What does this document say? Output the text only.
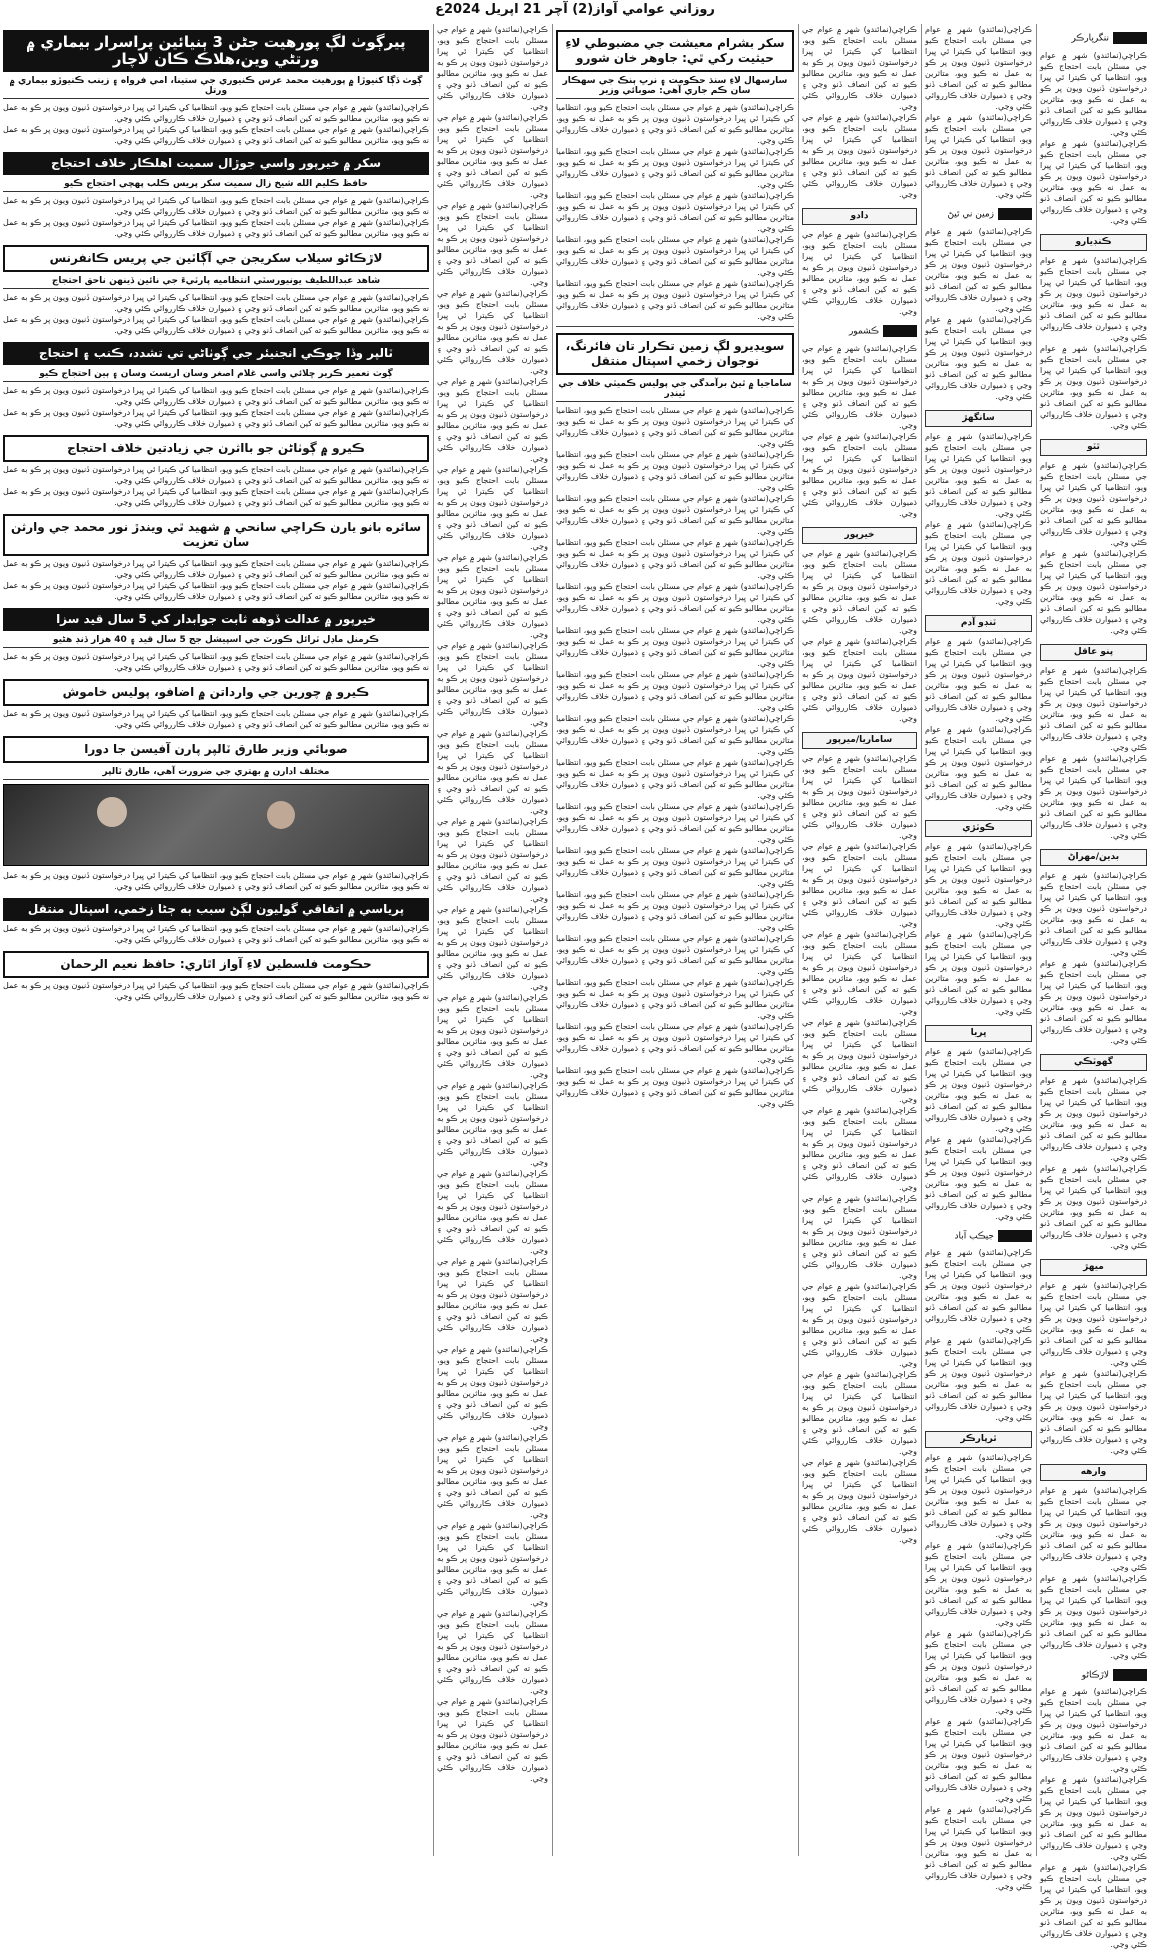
روزاني عوامي آواز(2) آچر 21 اپريل 2024ع
ننگرپارڪر
ڪراچي(نمائندو) شهر ۾ عوام جي مسئلن بابت احتجاج ڪيو ويو، انتظاميا کي ڪيترا ئي ڀيرا درخواستون ڏنيون ويون پر ڪو به عمل نه ڪيو ويو، متاثرين مطالبو ڪيو ته کين انصاف ڏنو وڃي ۽ ذميوارن خلاف ڪارروائي ڪئي وڃي.
ڪراچي(نمائندو) شهر ۾ عوام جي مسئلن بابت احتجاج ڪيو ويو، انتظاميا کي ڪيترا ئي ڀيرا درخواستون ڏنيون ويون پر ڪو به عمل نه ڪيو ويو، متاثرين مطالبو ڪيو ته کين انصاف ڏنو وڃي ۽ ذميوارن خلاف ڪارروائي ڪئي وڃي.
ڪنڊيارو
ڪراچي(نمائندو) شهر ۾ عوام جي مسئلن بابت احتجاج ڪيو ويو، انتظاميا کي ڪيترا ئي ڀيرا درخواستون ڏنيون ويون پر ڪو به عمل نه ڪيو ويو، متاثرين مطالبو ڪيو ته کين انصاف ڏنو وڃي ۽ ذميوارن خلاف ڪارروائي ڪئي وڃي.
ڪراچي(نمائندو) شهر ۾ عوام جي مسئلن بابت احتجاج ڪيو ويو، انتظاميا کي ڪيترا ئي ڀيرا درخواستون ڏنيون ويون پر ڪو به عمل نه ڪيو ويو، متاثرين مطالبو ڪيو ته کين انصاف ڏنو وڃي ۽ ذميوارن خلاف ڪارروائي ڪئي وڃي.
ٿٽو
ڪراچي(نمائندو) شهر ۾ عوام جي مسئلن بابت احتجاج ڪيو ويو، انتظاميا کي ڪيترا ئي ڀيرا درخواستون ڏنيون ويون پر ڪو به عمل نه ڪيو ويو، متاثرين مطالبو ڪيو ته کين انصاف ڏنو وڃي ۽ ذميوارن خلاف ڪارروائي ڪئي وڃي.
ڪراچي(نمائندو) شهر ۾ عوام جي مسئلن بابت احتجاج ڪيو ويو، انتظاميا کي ڪيترا ئي ڀيرا درخواستون ڏنيون ويون پر ڪو به عمل نه ڪيو ويو، متاثرين مطالبو ڪيو ته کين انصاف ڏنو وڃي ۽ ذميوارن خلاف ڪارروائي ڪئي وڃي.
پنو عاقل
ڪراچي(نمائندو) شهر ۾ عوام جي مسئلن بابت احتجاج ڪيو ويو، انتظاميا کي ڪيترا ئي ڀيرا درخواستون ڏنيون ويون پر ڪو به عمل نه ڪيو ويو، متاثرين مطالبو ڪيو ته کين انصاف ڏنو وڃي ۽ ذميوارن خلاف ڪارروائي ڪئي وڃي.
ڪراچي(نمائندو) شهر ۾ عوام جي مسئلن بابت احتجاج ڪيو ويو، انتظاميا کي ڪيترا ئي ڀيرا درخواستون ڏنيون ويون پر ڪو به عمل نه ڪيو ويو، متاثرين مطالبو ڪيو ته کين انصاف ڏنو وڃي ۽ ذميوارن خلاف ڪارروائي ڪئي وڃي.
بدين/مهراڻ
ڪراچي(نمائندو) شهر ۾ عوام جي مسئلن بابت احتجاج ڪيو ويو، انتظاميا کي ڪيترا ئي ڀيرا درخواستون ڏنيون ويون پر ڪو به عمل نه ڪيو ويو، متاثرين مطالبو ڪيو ته کين انصاف ڏنو وڃي ۽ ذميوارن خلاف ڪارروائي ڪئي وڃي.
ڪراچي(نمائندو) شهر ۾ عوام جي مسئلن بابت احتجاج ڪيو ويو، انتظاميا کي ڪيترا ئي ڀيرا درخواستون ڏنيون ويون پر ڪو به عمل نه ڪيو ويو، متاثرين مطالبو ڪيو ته کين انصاف ڏنو وڃي ۽ ذميوارن خلاف ڪارروائي ڪئي وڃي.
گهوٽڪي
ڪراچي(نمائندو) شهر ۾ عوام جي مسئلن بابت احتجاج ڪيو ويو، انتظاميا کي ڪيترا ئي ڀيرا درخواستون ڏنيون ويون پر ڪو به عمل نه ڪيو ويو، متاثرين مطالبو ڪيو ته کين انصاف ڏنو وڃي ۽ ذميوارن خلاف ڪارروائي ڪئي وڃي.
ڪراچي(نمائندو) شهر ۾ عوام جي مسئلن بابت احتجاج ڪيو ويو، انتظاميا کي ڪيترا ئي ڀيرا درخواستون ڏنيون ويون پر ڪو به عمل نه ڪيو ويو، متاثرين مطالبو ڪيو ته کين انصاف ڏنو وڃي ۽ ذميوارن خلاف ڪارروائي ڪئي وڃي.
ميهڙ
ڪراچي(نمائندو) شهر ۾ عوام جي مسئلن بابت احتجاج ڪيو ويو، انتظاميا کي ڪيترا ئي ڀيرا درخواستون ڏنيون ويون پر ڪو به عمل نه ڪيو ويو، متاثرين مطالبو ڪيو ته کين انصاف ڏنو وڃي ۽ ذميوارن خلاف ڪارروائي ڪئي وڃي.
ڪراچي(نمائندو) شهر ۾ عوام جي مسئلن بابت احتجاج ڪيو ويو، انتظاميا کي ڪيترا ئي ڀيرا درخواستون ڏنيون ويون پر ڪو به عمل نه ڪيو ويو، متاثرين مطالبو ڪيو ته کين انصاف ڏنو وڃي ۽ ذميوارن خلاف ڪارروائي ڪئي وڃي.
وارهه
ڪراچي(نمائندو) شهر ۾ عوام جي مسئلن بابت احتجاج ڪيو ويو، انتظاميا کي ڪيترا ئي ڀيرا درخواستون ڏنيون ويون پر ڪو به عمل نه ڪيو ويو، متاثرين مطالبو ڪيو ته کين انصاف ڏنو وڃي ۽ ذميوارن خلاف ڪارروائي ڪئي وڃي.
ڪراچي(نمائندو) شهر ۾ عوام جي مسئلن بابت احتجاج ڪيو ويو، انتظاميا کي ڪيترا ئي ڀيرا درخواستون ڏنيون ويون پر ڪو به عمل نه ڪيو ويو، متاثرين مطالبو ڪيو ته کين انصاف ڏنو وڃي ۽ ذميوارن خلاف ڪارروائي ڪئي وڃي.
لاڙڪاڻو
ڪراچي(نمائندو) شهر ۾ عوام جي مسئلن بابت احتجاج ڪيو ويو، انتظاميا کي ڪيترا ئي ڀيرا درخواستون ڏنيون ويون پر ڪو به عمل نه ڪيو ويو، متاثرين مطالبو ڪيو ته کين انصاف ڏنو وڃي ۽ ذميوارن خلاف ڪارروائي ڪئي وڃي.
ڪراچي(نمائندو) شهر ۾ عوام جي مسئلن بابت احتجاج ڪيو ويو، انتظاميا کي ڪيترا ئي ڀيرا درخواستون ڏنيون ويون پر ڪو به عمل نه ڪيو ويو، متاثرين مطالبو ڪيو ته کين انصاف ڏنو وڃي ۽ ذميوارن خلاف ڪارروائي ڪئي وڃي.
ڪراچي(نمائندو) شهر ۾ عوام جي مسئلن بابت احتجاج ڪيو ويو، انتظاميا کي ڪيترا ئي ڀيرا درخواستون ڏنيون ويون پر ڪو به عمل نه ڪيو ويو، متاثرين مطالبو ڪيو ته کين انصاف ڏنو وڃي ۽ ذميوارن خلاف ڪارروائي ڪئي وڃي.
ڪراچي(نمائندو) شهر ۾ عوام جي مسئلن بابت احتجاج ڪيو ويو، انتظاميا کي ڪيترا ئي ڀيرا درخواستون ڏنيون ويون پر ڪو به عمل نه ڪيو ويو، متاثرين مطالبو ڪيو ته کين انصاف ڏنو وڃي ۽ ذميوارن خلاف ڪارروائي ڪئي وڃي.
ڪراچي(نمائندو) شهر ۾ عوام جي مسئلن بابت احتجاج ڪيو ويو، انتظاميا کي ڪيترا ئي ڀيرا درخواستون ڏنيون ويون پر ڪو به عمل نه ڪيو ويو، متاثرين مطالبو ڪيو ته کين انصاف ڏنو وڃي ۽ ذميوارن خلاف ڪارروائي ڪئي وڃي.
زمين ني ٿيڻ
ڪراچي(نمائندو) شهر ۾ عوام جي مسئلن بابت احتجاج ڪيو ويو، انتظاميا کي ڪيترا ئي ڀيرا درخواستون ڏنيون ويون پر ڪو به عمل نه ڪيو ويو، متاثرين مطالبو ڪيو ته کين انصاف ڏنو وڃي ۽ ذميوارن خلاف ڪارروائي ڪئي وڃي.
ڪراچي(نمائندو) شهر ۾ عوام جي مسئلن بابت احتجاج ڪيو ويو، انتظاميا کي ڪيترا ئي ڀيرا درخواستون ڏنيون ويون پر ڪو به عمل نه ڪيو ويو، متاثرين مطالبو ڪيو ته کين انصاف ڏنو وڃي ۽ ذميوارن خلاف ڪارروائي ڪئي وڃي.
سانگھڙ
ڪراچي(نمائندو) شهر ۾ عوام جي مسئلن بابت احتجاج ڪيو ويو، انتظاميا کي ڪيترا ئي ڀيرا درخواستون ڏنيون ويون پر ڪو به عمل نه ڪيو ويو، متاثرين مطالبو ڪيو ته کين انصاف ڏنو وڃي ۽ ذميوارن خلاف ڪارروائي ڪئي وڃي.
ڪراچي(نمائندو) شهر ۾ عوام جي مسئلن بابت احتجاج ڪيو ويو، انتظاميا کي ڪيترا ئي ڀيرا درخواستون ڏنيون ويون پر ڪو به عمل نه ڪيو ويو، متاثرين مطالبو ڪيو ته کين انصاف ڏنو وڃي ۽ ذميوارن خلاف ڪارروائي ڪئي وڃي.
ٽنڊو آدم
ڪراچي(نمائندو) شهر ۾ عوام جي مسئلن بابت احتجاج ڪيو ويو، انتظاميا کي ڪيترا ئي ڀيرا درخواستون ڏنيون ويون پر ڪو به عمل نه ڪيو ويو، متاثرين مطالبو ڪيو ته کين انصاف ڏنو وڃي ۽ ذميوارن خلاف ڪارروائي ڪئي وڃي.
ڪراچي(نمائندو) شهر ۾ عوام جي مسئلن بابت احتجاج ڪيو ويو، انتظاميا کي ڪيترا ئي ڀيرا درخواستون ڏنيون ويون پر ڪو به عمل نه ڪيو ويو، متاثرين مطالبو ڪيو ته کين انصاف ڏنو وڃي ۽ ذميوارن خلاف ڪارروائي ڪئي وڃي.
ڪوٽڙي
ڪراچي(نمائندو) شهر ۾ عوام جي مسئلن بابت احتجاج ڪيو ويو، انتظاميا کي ڪيترا ئي ڀيرا درخواستون ڏنيون ويون پر ڪو به عمل نه ڪيو ويو، متاثرين مطالبو ڪيو ته کين انصاف ڏنو وڃي ۽ ذميوارن خلاف ڪارروائي ڪئي وڃي.
ڪراچي(نمائندو) شهر ۾ عوام جي مسئلن بابت احتجاج ڪيو ويو، انتظاميا کي ڪيترا ئي ڀيرا درخواستون ڏنيون ويون پر ڪو به عمل نه ڪيو ويو، متاثرين مطالبو ڪيو ته کين انصاف ڏنو وڃي ۽ ذميوارن خلاف ڪارروائي ڪئي وڃي.
ڀريا
ڪراچي(نمائندو) شهر ۾ عوام جي مسئلن بابت احتجاج ڪيو ويو، انتظاميا کي ڪيترا ئي ڀيرا درخواستون ڏنيون ويون پر ڪو به عمل نه ڪيو ويو، متاثرين مطالبو ڪيو ته کين انصاف ڏنو وڃي ۽ ذميوارن خلاف ڪارروائي ڪئي وڃي.
ڪراچي(نمائندو) شهر ۾ عوام جي مسئلن بابت احتجاج ڪيو ويو، انتظاميا کي ڪيترا ئي ڀيرا درخواستون ڏنيون ويون پر ڪو به عمل نه ڪيو ويو، متاثرين مطالبو ڪيو ته کين انصاف ڏنو وڃي ۽ ذميوارن خلاف ڪارروائي ڪئي وڃي.
جيڪب آباد
ڪراچي(نمائندو) شهر ۾ عوام جي مسئلن بابت احتجاج ڪيو ويو، انتظاميا کي ڪيترا ئي ڀيرا درخواستون ڏنيون ويون پر ڪو به عمل نه ڪيو ويو، متاثرين مطالبو ڪيو ته کين انصاف ڏنو وڃي ۽ ذميوارن خلاف ڪارروائي ڪئي وڃي.
ڪراچي(نمائندو) شهر ۾ عوام جي مسئلن بابت احتجاج ڪيو ويو، انتظاميا کي ڪيترا ئي ڀيرا درخواستون ڏنيون ويون پر ڪو به عمل نه ڪيو ويو، متاثرين مطالبو ڪيو ته کين انصاف ڏنو وڃي ۽ ذميوارن خلاف ڪارروائي ڪئي وڃي.
ٿرپارڪر
ڪراچي(نمائندو) شهر ۾ عوام جي مسئلن بابت احتجاج ڪيو ويو، انتظاميا کي ڪيترا ئي ڀيرا درخواستون ڏنيون ويون پر ڪو به عمل نه ڪيو ويو، متاثرين مطالبو ڪيو ته کين انصاف ڏنو وڃي ۽ ذميوارن خلاف ڪارروائي ڪئي وڃي.
ڪراچي(نمائندو) شهر ۾ عوام جي مسئلن بابت احتجاج ڪيو ويو، انتظاميا کي ڪيترا ئي ڀيرا درخواستون ڏنيون ويون پر ڪو به عمل نه ڪيو ويو، متاثرين مطالبو ڪيو ته کين انصاف ڏنو وڃي ۽ ذميوارن خلاف ڪارروائي ڪئي وڃي.
ڪراچي(نمائندو) شهر ۾ عوام جي مسئلن بابت احتجاج ڪيو ويو، انتظاميا کي ڪيترا ئي ڀيرا درخواستون ڏنيون ويون پر ڪو به عمل نه ڪيو ويو، متاثرين مطالبو ڪيو ته کين انصاف ڏنو وڃي ۽ ذميوارن خلاف ڪارروائي ڪئي وڃي.
ڪراچي(نمائندو) شهر ۾ عوام جي مسئلن بابت احتجاج ڪيو ويو، انتظاميا کي ڪيترا ئي ڀيرا درخواستون ڏنيون ويون پر ڪو به عمل نه ڪيو ويو، متاثرين مطالبو ڪيو ته کين انصاف ڏنو وڃي ۽ ذميوارن خلاف ڪارروائي ڪئي وڃي.
ڪراچي(نمائندو) شهر ۾ عوام جي مسئلن بابت احتجاج ڪيو ويو، انتظاميا کي ڪيترا ئي ڀيرا درخواستون ڏنيون ويون پر ڪو به عمل نه ڪيو ويو، متاثرين مطالبو ڪيو ته کين انصاف ڏنو وڃي ۽ ذميوارن خلاف ڪارروائي ڪئي وڃي.
ڪراچي(نمائندو) شهر ۾ عوام جي مسئلن بابت احتجاج ڪيو ويو، انتظاميا کي ڪيترا ئي ڀيرا درخواستون ڏنيون ويون پر ڪو به عمل نه ڪيو ويو، متاثرين مطالبو ڪيو ته کين انصاف ڏنو وڃي ۽ ذميوارن خلاف ڪارروائي ڪئي وڃي.
ڪراچي(نمائندو) شهر ۾ عوام جي مسئلن بابت احتجاج ڪيو ويو، انتظاميا کي ڪيترا ئي ڀيرا درخواستون ڏنيون ويون پر ڪو به عمل نه ڪيو ويو، متاثرين مطالبو ڪيو ته کين انصاف ڏنو وڃي ۽ ذميوارن خلاف ڪارروائي ڪئي وڃي.
دادو
ڪراچي(نمائندو) شهر ۾ عوام جي مسئلن بابت احتجاج ڪيو ويو، انتظاميا کي ڪيترا ئي ڀيرا درخواستون ڏنيون ويون پر ڪو به عمل نه ڪيو ويو، متاثرين مطالبو ڪيو ته کين انصاف ڏنو وڃي ۽ ذميوارن خلاف ڪارروائي ڪئي وڃي.
ڪشمور
ڪراچي(نمائندو) شهر ۾ عوام جي مسئلن بابت احتجاج ڪيو ويو، انتظاميا کي ڪيترا ئي ڀيرا درخواستون ڏنيون ويون پر ڪو به عمل نه ڪيو ويو، متاثرين مطالبو ڪيو ته کين انصاف ڏنو وڃي ۽ ذميوارن خلاف ڪارروائي ڪئي وڃي.
ڪراچي(نمائندو) شهر ۾ عوام جي مسئلن بابت احتجاج ڪيو ويو، انتظاميا کي ڪيترا ئي ڀيرا درخواستون ڏنيون ويون پر ڪو به عمل نه ڪيو ويو، متاثرين مطالبو ڪيو ته کين انصاف ڏنو وڃي ۽ ذميوارن خلاف ڪارروائي ڪئي وڃي.
خيرپور
ڪراچي(نمائندو) شهر ۾ عوام جي مسئلن بابت احتجاج ڪيو ويو، انتظاميا کي ڪيترا ئي ڀيرا درخواستون ڏنيون ويون پر ڪو به عمل نه ڪيو ويو، متاثرين مطالبو ڪيو ته کين انصاف ڏنو وڃي ۽ ذميوارن خلاف ڪارروائي ڪئي وڃي.
ڪراچي(نمائندو) شهر ۾ عوام جي مسئلن بابت احتجاج ڪيو ويو، انتظاميا کي ڪيترا ئي ڀيرا درخواستون ڏنيون ويون پر ڪو به عمل نه ڪيو ويو، متاثرين مطالبو ڪيو ته کين انصاف ڏنو وڃي ۽ ذميوارن خلاف ڪارروائي ڪئي وڃي.
ساماريا/ميرپور
ڪراچي(نمائندو) شهر ۾ عوام جي مسئلن بابت احتجاج ڪيو ويو، انتظاميا کي ڪيترا ئي ڀيرا درخواستون ڏنيون ويون پر ڪو به عمل نه ڪيو ويو، متاثرين مطالبو ڪيو ته کين انصاف ڏنو وڃي ۽ ذميوارن خلاف ڪارروائي ڪئي وڃي.
ڪراچي(نمائندو) شهر ۾ عوام جي مسئلن بابت احتجاج ڪيو ويو، انتظاميا کي ڪيترا ئي ڀيرا درخواستون ڏنيون ويون پر ڪو به عمل نه ڪيو ويو، متاثرين مطالبو ڪيو ته کين انصاف ڏنو وڃي ۽ ذميوارن خلاف ڪارروائي ڪئي وڃي.
ڪراچي(نمائندو) شهر ۾ عوام جي مسئلن بابت احتجاج ڪيو ويو، انتظاميا کي ڪيترا ئي ڀيرا درخواستون ڏنيون ويون پر ڪو به عمل نه ڪيو ويو، متاثرين مطالبو ڪيو ته کين انصاف ڏنو وڃي ۽ ذميوارن خلاف ڪارروائي ڪئي وڃي.
ڪراچي(نمائندو) شهر ۾ عوام جي مسئلن بابت احتجاج ڪيو ويو، انتظاميا کي ڪيترا ئي ڀيرا درخواستون ڏنيون ويون پر ڪو به عمل نه ڪيو ويو، متاثرين مطالبو ڪيو ته کين انصاف ڏنو وڃي ۽ ذميوارن خلاف ڪارروائي ڪئي وڃي.
ڪراچي(نمائندو) شهر ۾ عوام جي مسئلن بابت احتجاج ڪيو ويو، انتظاميا کي ڪيترا ئي ڀيرا درخواستون ڏنيون ويون پر ڪو به عمل نه ڪيو ويو، متاثرين مطالبو ڪيو ته کين انصاف ڏنو وڃي ۽ ذميوارن خلاف ڪارروائي ڪئي وڃي.
ڪراچي(نمائندو) شهر ۾ عوام جي مسئلن بابت احتجاج ڪيو ويو، انتظاميا کي ڪيترا ئي ڀيرا درخواستون ڏنيون ويون پر ڪو به عمل نه ڪيو ويو، متاثرين مطالبو ڪيو ته کين انصاف ڏنو وڃي ۽ ذميوارن خلاف ڪارروائي ڪئي وڃي.
ڪراچي(نمائندو) شهر ۾ عوام جي مسئلن بابت احتجاج ڪيو ويو، انتظاميا کي ڪيترا ئي ڀيرا درخواستون ڏنيون ويون پر ڪو به عمل نه ڪيو ويو، متاثرين مطالبو ڪيو ته کين انصاف ڏنو وڃي ۽ ذميوارن خلاف ڪارروائي ڪئي وڃي.
ڪراچي(نمائندو) شهر ۾ عوام جي مسئلن بابت احتجاج ڪيو ويو، انتظاميا کي ڪيترا ئي ڀيرا درخواستون ڏنيون ويون پر ڪو به عمل نه ڪيو ويو، متاثرين مطالبو ڪيو ته کين انصاف ڏنو وڃي ۽ ذميوارن خلاف ڪارروائي ڪئي وڃي.
ڪراچي(نمائندو) شهر ۾ عوام جي مسئلن بابت احتجاج ڪيو ويو، انتظاميا کي ڪيترا ئي ڀيرا درخواستون ڏنيون ويون پر ڪو به عمل نه ڪيو ويو، متاثرين مطالبو ڪيو ته کين انصاف ڏنو وڃي ۽ ذميوارن خلاف ڪارروائي ڪئي وڃي.
سکر بشرام معيشت جي مضبوطي لاءِ حيثيت رکي ٿي: جاوهر خان شورو
سارسهال لاءِ سنڌ حڪومت ۽ نرڀ ٻنڪ جي سهڪار سان ڪم جاري آهي: صوبائي وزير
ڪراچي(نمائندو) شهر ۾ عوام جي مسئلن بابت احتجاج ڪيو ويو، انتظاميا کي ڪيترا ئي ڀيرا درخواستون ڏنيون ويون پر ڪو به عمل نه ڪيو ويو، متاثرين مطالبو ڪيو ته کين انصاف ڏنو وڃي ۽ ذميوارن خلاف ڪارروائي ڪئي وڃي.
ڪراچي(نمائندو) شهر ۾ عوام جي مسئلن بابت احتجاج ڪيو ويو، انتظاميا کي ڪيترا ئي ڀيرا درخواستون ڏنيون ويون پر ڪو به عمل نه ڪيو ويو، متاثرين مطالبو ڪيو ته کين انصاف ڏنو وڃي ۽ ذميوارن خلاف ڪارروائي ڪئي وڃي.
ڪراچي(نمائندو) شهر ۾ عوام جي مسئلن بابت احتجاج ڪيو ويو، انتظاميا کي ڪيترا ئي ڀيرا درخواستون ڏنيون ويون پر ڪو به عمل نه ڪيو ويو، متاثرين مطالبو ڪيو ته کين انصاف ڏنو وڃي ۽ ذميوارن خلاف ڪارروائي ڪئي وڃي.
ڪراچي(نمائندو) شهر ۾ عوام جي مسئلن بابت احتجاج ڪيو ويو، انتظاميا کي ڪيترا ئي ڀيرا درخواستون ڏنيون ويون پر ڪو به عمل نه ڪيو ويو، متاثرين مطالبو ڪيو ته کين انصاف ڏنو وڃي ۽ ذميوارن خلاف ڪارروائي ڪئي وڃي.
ڪراچي(نمائندو) شهر ۾ عوام جي مسئلن بابت احتجاج ڪيو ويو، انتظاميا کي ڪيترا ئي ڀيرا درخواستون ڏنيون ويون پر ڪو به عمل نه ڪيو ويو، متاثرين مطالبو ڪيو ته کين انصاف ڏنو وڃي ۽ ذميوارن خلاف ڪارروائي ڪئي وڃي.
سويڊيرو لڳ زمين تڪرار تان فائرنگ، نوجوان زخمي اسپتال منتقل
ساماجيا ۾ ٿيڻ برآمدگي جي پوليس ڪميٽي خلاف جي ٿينڊر
ڪراچي(نمائندو) شهر ۾ عوام جي مسئلن بابت احتجاج ڪيو ويو، انتظاميا کي ڪيترا ئي ڀيرا درخواستون ڏنيون ويون پر ڪو به عمل نه ڪيو ويو، متاثرين مطالبو ڪيو ته کين انصاف ڏنو وڃي ۽ ذميوارن خلاف ڪارروائي ڪئي وڃي.
ڪراچي(نمائندو) شهر ۾ عوام جي مسئلن بابت احتجاج ڪيو ويو، انتظاميا کي ڪيترا ئي ڀيرا درخواستون ڏنيون ويون پر ڪو به عمل نه ڪيو ويو، متاثرين مطالبو ڪيو ته کين انصاف ڏنو وڃي ۽ ذميوارن خلاف ڪارروائي ڪئي وڃي.
ڪراچي(نمائندو) شهر ۾ عوام جي مسئلن بابت احتجاج ڪيو ويو، انتظاميا کي ڪيترا ئي ڀيرا درخواستون ڏنيون ويون پر ڪو به عمل نه ڪيو ويو، متاثرين مطالبو ڪيو ته کين انصاف ڏنو وڃي ۽ ذميوارن خلاف ڪارروائي ڪئي وڃي.
ڪراچي(نمائندو) شهر ۾ عوام جي مسئلن بابت احتجاج ڪيو ويو، انتظاميا کي ڪيترا ئي ڀيرا درخواستون ڏنيون ويون پر ڪو به عمل نه ڪيو ويو، متاثرين مطالبو ڪيو ته کين انصاف ڏنو وڃي ۽ ذميوارن خلاف ڪارروائي ڪئي وڃي.
ڪراچي(نمائندو) شهر ۾ عوام جي مسئلن بابت احتجاج ڪيو ويو، انتظاميا کي ڪيترا ئي ڀيرا درخواستون ڏنيون ويون پر ڪو به عمل نه ڪيو ويو، متاثرين مطالبو ڪيو ته کين انصاف ڏنو وڃي ۽ ذميوارن خلاف ڪارروائي ڪئي وڃي.
ڪراچي(نمائندو) شهر ۾ عوام جي مسئلن بابت احتجاج ڪيو ويو، انتظاميا کي ڪيترا ئي ڀيرا درخواستون ڏنيون ويون پر ڪو به عمل نه ڪيو ويو، متاثرين مطالبو ڪيو ته کين انصاف ڏنو وڃي ۽ ذميوارن خلاف ڪارروائي ڪئي وڃي.
ڪراچي(نمائندو) شهر ۾ عوام جي مسئلن بابت احتجاج ڪيو ويو، انتظاميا کي ڪيترا ئي ڀيرا درخواستون ڏنيون ويون پر ڪو به عمل نه ڪيو ويو، متاثرين مطالبو ڪيو ته کين انصاف ڏنو وڃي ۽ ذميوارن خلاف ڪارروائي ڪئي وڃي.
ڪراچي(نمائندو) شهر ۾ عوام جي مسئلن بابت احتجاج ڪيو ويو، انتظاميا کي ڪيترا ئي ڀيرا درخواستون ڏنيون ويون پر ڪو به عمل نه ڪيو ويو، متاثرين مطالبو ڪيو ته کين انصاف ڏنو وڃي ۽ ذميوارن خلاف ڪارروائي ڪئي وڃي.
ڪراچي(نمائندو) شهر ۾ عوام جي مسئلن بابت احتجاج ڪيو ويو، انتظاميا کي ڪيترا ئي ڀيرا درخواستون ڏنيون ويون پر ڪو به عمل نه ڪيو ويو، متاثرين مطالبو ڪيو ته کين انصاف ڏنو وڃي ۽ ذميوارن خلاف ڪارروائي ڪئي وڃي.
ڪراچي(نمائندو) شهر ۾ عوام جي مسئلن بابت احتجاج ڪيو ويو، انتظاميا کي ڪيترا ئي ڀيرا درخواستون ڏنيون ويون پر ڪو به عمل نه ڪيو ويو، متاثرين مطالبو ڪيو ته کين انصاف ڏنو وڃي ۽ ذميوارن خلاف ڪارروائي ڪئي وڃي.
ڪراچي(نمائندو) شهر ۾ عوام جي مسئلن بابت احتجاج ڪيو ويو، انتظاميا کي ڪيترا ئي ڀيرا درخواستون ڏنيون ويون پر ڪو به عمل نه ڪيو ويو، متاثرين مطالبو ڪيو ته کين انصاف ڏنو وڃي ۽ ذميوارن خلاف ڪارروائي ڪئي وڃي.
ڪراچي(نمائندو) شهر ۾ عوام جي مسئلن بابت احتجاج ڪيو ويو، انتظاميا کي ڪيترا ئي ڀيرا درخواستون ڏنيون ويون پر ڪو به عمل نه ڪيو ويو، متاثرين مطالبو ڪيو ته کين انصاف ڏنو وڃي ۽ ذميوارن خلاف ڪارروائي ڪئي وڃي.
ڪراچي(نمائندو) شهر ۾ عوام جي مسئلن بابت احتجاج ڪيو ويو، انتظاميا کي ڪيترا ئي ڀيرا درخواستون ڏنيون ويون پر ڪو به عمل نه ڪيو ويو، متاثرين مطالبو ڪيو ته کين انصاف ڏنو وڃي ۽ ذميوارن خلاف ڪارروائي ڪئي وڃي.
ڪراچي(نمائندو) شهر ۾ عوام جي مسئلن بابت احتجاج ڪيو ويو، انتظاميا کي ڪيترا ئي ڀيرا درخواستون ڏنيون ويون پر ڪو به عمل نه ڪيو ويو، متاثرين مطالبو ڪيو ته کين انصاف ڏنو وڃي ۽ ذميوارن خلاف ڪارروائي ڪئي وڃي.
ڪراچي(نمائندو) شهر ۾ عوام جي مسئلن بابت احتجاج ڪيو ويو، انتظاميا کي ڪيترا ئي ڀيرا درخواستون ڏنيون ويون پر ڪو به عمل نه ڪيو ويو، متاثرين مطالبو ڪيو ته کين انصاف ڏنو وڃي ۽ ذميوارن خلاف ڪارروائي ڪئي وڃي.
ڪراچي(نمائندو) شهر ۾ عوام جي مسئلن بابت احتجاج ڪيو ويو، انتظاميا کي ڪيترا ئي ڀيرا درخواستون ڏنيون ويون پر ڪو به عمل نه ڪيو ويو، متاثرين مطالبو ڪيو ته کين انصاف ڏنو وڃي ۽ ذميوارن خلاف ڪارروائي ڪئي وڃي.
ڪراچي(نمائندو) شهر ۾ عوام جي مسئلن بابت احتجاج ڪيو ويو، انتظاميا کي ڪيترا ئي ڀيرا درخواستون ڏنيون ويون پر ڪو به عمل نه ڪيو ويو، متاثرين مطالبو ڪيو ته کين انصاف ڏنو وڃي ۽ ذميوارن خلاف ڪارروائي ڪئي وڃي.
ڪراچي(نمائندو) شهر ۾ عوام جي مسئلن بابت احتجاج ڪيو ويو، انتظاميا کي ڪيترا ئي ڀيرا درخواستون ڏنيون ويون پر ڪو به عمل نه ڪيو ويو، متاثرين مطالبو ڪيو ته کين انصاف ڏنو وڃي ۽ ذميوارن خلاف ڪارروائي ڪئي وڃي.
ڪراچي(نمائندو) شهر ۾ عوام جي مسئلن بابت احتجاج ڪيو ويو، انتظاميا کي ڪيترا ئي ڀيرا درخواستون ڏنيون ويون پر ڪو به عمل نه ڪيو ويو، متاثرين مطالبو ڪيو ته کين انصاف ڏنو وڃي ۽ ذميوارن خلاف ڪارروائي ڪئي وڃي.
ڪراچي(نمائندو) شهر ۾ عوام جي مسئلن بابت احتجاج ڪيو ويو، انتظاميا کي ڪيترا ئي ڀيرا درخواستون ڏنيون ويون پر ڪو به عمل نه ڪيو ويو، متاثرين مطالبو ڪيو ته کين انصاف ڏنو وڃي ۽ ذميوارن خلاف ڪارروائي ڪئي وڃي.
ڪراچي(نمائندو) شهر ۾ عوام جي مسئلن بابت احتجاج ڪيو ويو، انتظاميا کي ڪيترا ئي ڀيرا درخواستون ڏنيون ويون پر ڪو به عمل نه ڪيو ويو، متاثرين مطالبو ڪيو ته کين انصاف ڏنو وڃي ۽ ذميوارن خلاف ڪارروائي ڪئي وڃي.
ڪراچي(نمائندو) شهر ۾ عوام جي مسئلن بابت احتجاج ڪيو ويو، انتظاميا کي ڪيترا ئي ڀيرا درخواستون ڏنيون ويون پر ڪو به عمل نه ڪيو ويو، متاثرين مطالبو ڪيو ته کين انصاف ڏنو وڃي ۽ ذميوارن خلاف ڪارروائي ڪئي وڃي.
ڪراچي(نمائندو) شهر ۾ عوام جي مسئلن بابت احتجاج ڪيو ويو، انتظاميا کي ڪيترا ئي ڀيرا درخواستون ڏنيون ويون پر ڪو به عمل نه ڪيو ويو، متاثرين مطالبو ڪيو ته کين انصاف ڏنو وڃي ۽ ذميوارن خلاف ڪارروائي ڪئي وڃي.
ڪراچي(نمائندو) شهر ۾ عوام جي مسئلن بابت احتجاج ڪيو ويو، انتظاميا کي ڪيترا ئي ڀيرا درخواستون ڏنيون ويون پر ڪو به عمل نه ڪيو ويو، متاثرين مطالبو ڪيو ته کين انصاف ڏنو وڃي ۽ ذميوارن خلاف ڪارروائي ڪئي وڃي.
ڪراچي(نمائندو) شهر ۾ عوام جي مسئلن بابت احتجاج ڪيو ويو، انتظاميا کي ڪيترا ئي ڀيرا درخواستون ڏنيون ويون پر ڪو به عمل نه ڪيو ويو، متاثرين مطالبو ڪيو ته کين انصاف ڏنو وڃي ۽ ذميوارن خلاف ڪارروائي ڪئي وڃي.
ڪراچي(نمائندو) شهر ۾ عوام جي مسئلن بابت احتجاج ڪيو ويو، انتظاميا کي ڪيترا ئي ڀيرا درخواستون ڏنيون ويون پر ڪو به عمل نه ڪيو ويو، متاثرين مطالبو ڪيو ته کين انصاف ڏنو وڃي ۽ ذميوارن خلاف ڪارروائي ڪئي وڃي.
ڪراچي(نمائندو) شهر ۾ عوام جي مسئلن بابت احتجاج ڪيو ويو، انتظاميا کي ڪيترا ئي ڀيرا درخواستون ڏنيون ويون پر ڪو به عمل نه ڪيو ويو، متاثرين مطالبو ڪيو ته کين انصاف ڏنو وڃي ۽ ذميوارن خلاف ڪارروائي ڪئي وڃي.
ڪراچي(نمائندو) شهر ۾ عوام جي مسئلن بابت احتجاج ڪيو ويو، انتظاميا کي ڪيترا ئي ڀيرا درخواستون ڏنيون ويون پر ڪو به عمل نه ڪيو ويو، متاثرين مطالبو ڪيو ته کين انصاف ڏنو وڃي ۽ ذميوارن خلاف ڪارروائي ڪئي وڃي.
ڪراچي(نمائندو) شهر ۾ عوام جي مسئلن بابت احتجاج ڪيو ويو، انتظاميا کي ڪيترا ئي ڀيرا درخواستون ڏنيون ويون پر ڪو به عمل نه ڪيو ويو، متاثرين مطالبو ڪيو ته کين انصاف ڏنو وڃي ۽ ذميوارن خلاف ڪارروائي ڪئي وڃي.
ڪراچي(نمائندو) شهر ۾ عوام جي مسئلن بابت احتجاج ڪيو ويو، انتظاميا کي ڪيترا ئي ڀيرا درخواستون ڏنيون ويون پر ڪو به عمل نه ڪيو ويو، متاثرين مطالبو ڪيو ته کين انصاف ڏنو وڃي ۽ ذميوارن خلاف ڪارروائي ڪئي وڃي.
ڪراچي(نمائندو) شهر ۾ عوام جي مسئلن بابت احتجاج ڪيو ويو، انتظاميا کي ڪيترا ئي ڀيرا درخواستون ڏنيون ويون پر ڪو به عمل نه ڪيو ويو، متاثرين مطالبو ڪيو ته کين انصاف ڏنو وڃي ۽ ذميوارن خلاف ڪارروائي ڪئي وڃي.
ڪراچي(نمائندو) شهر ۾ عوام جي مسئلن بابت احتجاج ڪيو ويو، انتظاميا کي ڪيترا ئي ڀيرا درخواستون ڏنيون ويون پر ڪو به عمل نه ڪيو ويو، متاثرين مطالبو ڪيو ته کين انصاف ڏنو وڃي ۽ ذميوارن خلاف ڪارروائي ڪئي وڃي.
ڪراچي(نمائندو) شهر ۾ عوام جي مسئلن بابت احتجاج ڪيو ويو، انتظاميا کي ڪيترا ئي ڀيرا درخواستون ڏنيون ويون پر ڪو به عمل نه ڪيو ويو، متاثرين مطالبو ڪيو ته کين انصاف ڏنو وڃي ۽ ذميوارن خلاف ڪارروائي ڪئي وڃي.
ڪراچي(نمائندو) شهر ۾ عوام جي مسئلن بابت احتجاج ڪيو ويو، انتظاميا کي ڪيترا ئي ڀيرا درخواستون ڏنيون ويون پر ڪو به عمل نه ڪيو ويو، متاثرين مطالبو ڪيو ته کين انصاف ڏنو وڃي ۽ ذميوارن خلاف ڪارروائي ڪئي وڃي.
ڪراچي(نمائندو) شهر ۾ عوام جي مسئلن بابت احتجاج ڪيو ويو، انتظاميا کي ڪيترا ئي ڀيرا درخواستون ڏنيون ويون پر ڪو به عمل نه ڪيو ويو، متاثرين مطالبو ڪيو ته کين انصاف ڏنو وڃي ۽ ذميوارن خلاف ڪارروائي ڪئي وڃي.
ڪراچي(نمائندو) شهر ۾ عوام جي مسئلن بابت احتجاج ڪيو ويو، انتظاميا کي ڪيترا ئي ڀيرا درخواستون ڏنيون ويون پر ڪو به عمل نه ڪيو ويو، متاثرين مطالبو ڪيو ته کين انصاف ڏنو وڃي ۽ ذميوارن خلاف ڪارروائي ڪئي وڃي.
پيرڳوٺ لڳ پورهيت جڻن 3 ٻنيائين پراسرار بيماري ۾ ورتڻي وين،هلاڪ ڪان لاچار
ڳوٺ ڏڳا کنيوڙا ۾ پورهيت محمد عرس ڪنيوري جي ستينا، امي فرواه ۽ زينب ڪنيوڙو بيماري ۾ ورتل
ڪراچي(نمائندو) شهر ۾ عوام جي مسئلن بابت احتجاج ڪيو ويو، انتظاميا کي ڪيترا ئي ڀيرا درخواستون ڏنيون ويون پر ڪو به عمل نه ڪيو ويو، متاثرين مطالبو ڪيو ته کين انصاف ڏنو وڃي ۽ ذميوارن خلاف ڪارروائي ڪئي وڃي.
ڪراچي(نمائندو) شهر ۾ عوام جي مسئلن بابت احتجاج ڪيو ويو، انتظاميا کي ڪيترا ئي ڀيرا درخواستون ڏنيون ويون پر ڪو به عمل نه ڪيو ويو، متاثرين مطالبو ڪيو ته کين انصاف ڏنو وڃي ۽ ذميوارن خلاف ڪارروائي ڪئي وڃي.
سکر ۾ خيرپور واسي جوڙال سميت اهلڪار خلاف احتجاج
حافظ ڪليم الله شيخ زال سميت سکر پريس ڪلب پهچي احتجاج ڪيو
ڪراچي(نمائندو) شهر ۾ عوام جي مسئلن بابت احتجاج ڪيو ويو، انتظاميا کي ڪيترا ئي ڀيرا درخواستون ڏنيون ويون پر ڪو به عمل نه ڪيو ويو، متاثرين مطالبو ڪيو ته کين انصاف ڏنو وڃي ۽ ذميوارن خلاف ڪارروائي ڪئي وڃي.
ڪراچي(نمائندو) شهر ۾ عوام جي مسئلن بابت احتجاج ڪيو ويو، انتظاميا کي ڪيترا ئي ڀيرا درخواستون ڏنيون ويون پر ڪو به عمل نه ڪيو ويو، متاثرين مطالبو ڪيو ته کين انصاف ڏنو وڃي ۽ ذميوارن خلاف ڪارروائي ڪئي وڃي.
لاڙڪاڻو سيلاب سکريجن جي آڳاٽين جي پريس ڪانفرنس
شاهد عبداللطيف يونيورسٽي انتظاميه پارٽيءَ جي نائين ڏينهن ناحق احتجاج
ڪراچي(نمائندو) شهر ۾ عوام جي مسئلن بابت احتجاج ڪيو ويو، انتظاميا کي ڪيترا ئي ڀيرا درخواستون ڏنيون ويون پر ڪو به عمل نه ڪيو ويو، متاثرين مطالبو ڪيو ته کين انصاف ڏنو وڃي ۽ ذميوارن خلاف ڪارروائي ڪئي وڃي.
ڪراچي(نمائندو) شهر ۾ عوام جي مسئلن بابت احتجاج ڪيو ويو، انتظاميا کي ڪيترا ئي ڀيرا درخواستون ڏنيون ويون پر ڪو به عمل نه ڪيو ويو، متاثرين مطالبو ڪيو ته کين انصاف ڏنو وڃي ۽ ذميوارن خلاف ڪارروائي ڪئي وڃي.
ٽالپر وڏا چوڪي انجنيئر جي ڳوٺاڻي تي تشدد، ڪنب ۽ احتجاج
ڳوٺ تعمير ڪرير ڇلائي واسي غلام اصغر وسان اريسٽ وسان ۽ ٻين احتجاج ڪيو
ڪراچي(نمائندو) شهر ۾ عوام جي مسئلن بابت احتجاج ڪيو ويو، انتظاميا کي ڪيترا ئي ڀيرا درخواستون ڏنيون ويون پر ڪو به عمل نه ڪيو ويو، متاثرين مطالبو ڪيو ته کين انصاف ڏنو وڃي ۽ ذميوارن خلاف ڪارروائي ڪئي وڃي.
ڪراچي(نمائندو) شهر ۾ عوام جي مسئلن بابت احتجاج ڪيو ويو، انتظاميا کي ڪيترا ئي ڀيرا درخواستون ڏنيون ويون پر ڪو به عمل نه ڪيو ويو، متاثرين مطالبو ڪيو ته کين انصاف ڏنو وڃي ۽ ذميوارن خلاف ڪارروائي ڪئي وڃي.
ڪيرو ۾ ڳوٺاڻن جو بااثرن جي زيادتين خلاف احتجاج
ڪراچي(نمائندو) شهر ۾ عوام جي مسئلن بابت احتجاج ڪيو ويو، انتظاميا کي ڪيترا ئي ڀيرا درخواستون ڏنيون ويون پر ڪو به عمل نه ڪيو ويو، متاثرين مطالبو ڪيو ته کين انصاف ڏنو وڃي ۽ ذميوارن خلاف ڪارروائي ڪئي وڃي.
ڪراچي(نمائندو) شهر ۾ عوام جي مسئلن بابت احتجاج ڪيو ويو، انتظاميا کي ڪيترا ئي ڀيرا درخواستون ڏنيون ويون پر ڪو به عمل نه ڪيو ويو، متاثرين مطالبو ڪيو ته کين انصاف ڏنو وڃي ۽ ذميوارن خلاف ڪارروائي ڪئي وڃي.
سائره بانو يارن ڪراچي سانحي ۾ شهيد ٿي ويندڙ نور محمد جي وارثن سان تعزيت
ڪراچي(نمائندو) شهر ۾ عوام جي مسئلن بابت احتجاج ڪيو ويو، انتظاميا کي ڪيترا ئي ڀيرا درخواستون ڏنيون ويون پر ڪو به عمل نه ڪيو ويو، متاثرين مطالبو ڪيو ته کين انصاف ڏنو وڃي ۽ ذميوارن خلاف ڪارروائي ڪئي وڃي.
ڪراچي(نمائندو) شهر ۾ عوام جي مسئلن بابت احتجاج ڪيو ويو، انتظاميا کي ڪيترا ئي ڀيرا درخواستون ڏنيون ويون پر ڪو به عمل نه ڪيو ويو، متاثرين مطالبو ڪيو ته کين انصاف ڏنو وڃي ۽ ذميوارن خلاف ڪارروائي ڪئي وڃي.
خيرپور ۾ عدالت ڏوهه ثابت جوابدار کي 5 سال قيد سزا
ڪرمنل ماڊل ٽرائل ڪورٽ جي اسپيشل جج 5 سال قيد ۽ 40 هزار ڏنڊ هڻيو
ڪراچي(نمائندو) شهر ۾ عوام جي مسئلن بابت احتجاج ڪيو ويو، انتظاميا کي ڪيترا ئي ڀيرا درخواستون ڏنيون ويون پر ڪو به عمل نه ڪيو ويو، متاثرين مطالبو ڪيو ته کين انصاف ڏنو وڃي ۽ ذميوارن خلاف ڪارروائي ڪئي وڃي.
ڪيرو ۾ چورين جي وارداتن ۾ اضافو، پوليس خاموش
ڪراچي(نمائندو) شهر ۾ عوام جي مسئلن بابت احتجاج ڪيو ويو، انتظاميا کي ڪيترا ئي ڀيرا درخواستون ڏنيون ويون پر ڪو به عمل نه ڪيو ويو، متاثرين مطالبو ڪيو ته کين انصاف ڏنو وڃي ۽ ذميوارن خلاف ڪارروائي ڪئي وڃي.
صوبائي وزير طارق ٽالپر پارن آفيسن جا دورا
مختلف ادارن ۾ بهتري جي ضرورت آهي، طارق ٽالپر
ڪراچي(نمائندو) شهر ۾ عوام جي مسئلن بابت احتجاج ڪيو ويو، انتظاميا کي ڪيترا ئي ڀيرا درخواستون ڏنيون ويون پر ڪو به عمل نه ڪيو ويو، متاثرين مطالبو ڪيو ته کين انصاف ڏنو وڃي ۽ ذميوارن خلاف ڪارروائي ڪئي وڃي.
پرياسي ۾ اتفاقي گوليون لڳڻ سبب ٻه ڄڻا زخمي، اسپتال منتقل
ڪراچي(نمائندو) شهر ۾ عوام جي مسئلن بابت احتجاج ڪيو ويو، انتظاميا کي ڪيترا ئي ڀيرا درخواستون ڏنيون ويون پر ڪو به عمل نه ڪيو ويو، متاثرين مطالبو ڪيو ته کين انصاف ڏنو وڃي ۽ ذميوارن خلاف ڪارروائي ڪئي وڃي.
حڪومت فلسطين لاءِ آواز اٿاري: حافظ نعيم الرحمان
ڪراچي(نمائندو) شهر ۾ عوام جي مسئلن بابت احتجاج ڪيو ويو، انتظاميا کي ڪيترا ئي ڀيرا درخواستون ڏنيون ويون پر ڪو به عمل نه ڪيو ويو، متاثرين مطالبو ڪيو ته کين انصاف ڏنو وڃي ۽ ذميوارن خلاف ڪارروائي ڪئي وڃي.
